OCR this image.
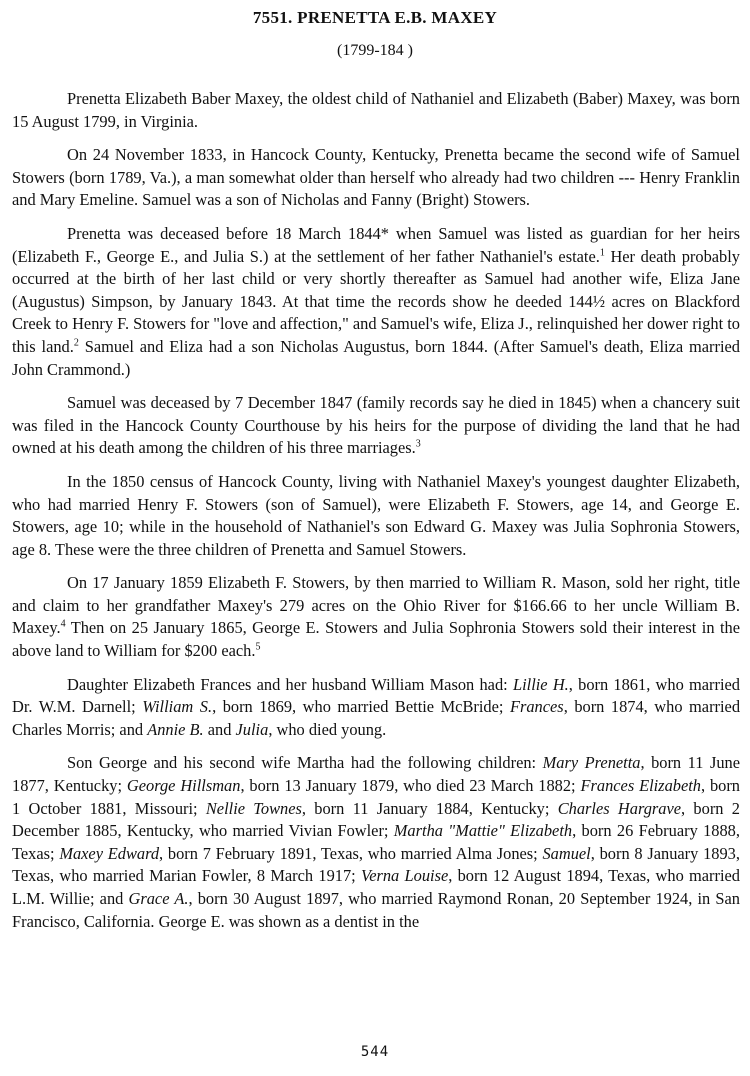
7551. PRENETTA E.B. MAXEY
(1799-184 )

Prenetta Elizabeth Baber Maxey, the oldest child of Nathaniel and Elizabeth (Baber) Maxey, was born 15 August 1799, in Virginia.

On 24 November 1833, in Hancock County, Kentucky, Prenetta became the second wife of Samuel Stowers (born 1789, Va.), a man somewhat older than herself who already had two children --- Henry Franklin and Mary Emeline. Samuel was a son of Nicholas and Fanny (Bright) Stowers.

Prenetta was deceased before 18 March 1844* when Samuel was listed as guardian for her heirs (Elizabeth F., George E., and Julia S.) at the settlement of her father Nathaniel's estate.$^1$ Her death probably occurred at the birth of her last child or very shortly thereafter as Samuel had another wife, Eliza Jane (Augustus) Simpson, by January 1843. At that time the records show he deeded 144½ acres on Blackford Creek to Henry F. Stowers for "love and affection," and Samuel's wife, Eliza J., relinquished her dower right to this land.$^2$ Samuel and Eliza had a son Nicholas Augustus, born 1844. (After Samuel's death, Eliza married John Crammond.)

Samuel was deceased by 7 December 1847 (family records say he died in 1845) when a chancery suit was filed in the Hancock County Courthouse by his heirs for the purpose of dividing the land that he had owned at his death among the children of his three marriages.$^3$

In the 1850 census of Hancock County, living with Nathaniel Maxey's youngest daughter Elizabeth, who had married Henry F. Stowers (son of Samuel), were Elizabeth F. Stowers, age 14, and George E. Stowers, age 10; while in the household of Nathaniel's son Edward G. Maxey was Julia Sophronia Stowers, age 8. These were the three children of Prenetta and Samuel Stowers.

On 17 January 1859 Elizabeth F. Stowers, by then married to William R. Mason, sold her right, title and claim to her grandfather Maxey's 279 acres on the Ohio River for $166.66 to her uncle William B. Maxey.$^4$ Then on 25 January 1865, George E. Stowers and Julia Sophronia Stowers sold their interest in the above land to William for $200 each.$^5$

Daughter Elizabeth Frances and her husband William Mason had: Lillie H., born 1861, who married Dr. W.M. Darnell; William S., born 1869, who married Bettie McBride; Frances, born 1874, who married Charles Morris; and Annie B. and Julia, who died young.

Son George and his second wife Martha had the following children: Mary Prenetta, born 11 June 1877, Kentucky; George Hillsman, born 13 January 1879, who died 23 March 1882; Frances Elizabeth, born 1 October 1881, Missouri; Nellie Townes, born 11 January 1884, Kentucky; Charles Hargrave, born 2 December 1885, Kentucky, who married Vivian Fowler; Martha "Mattie" Elizabeth, born 26 February 1888, Texas; Maxey Edward, born 7 February 1891, Texas, who married Alma Jones; Samuel, born 8 January 1893, Texas, who married Marian Fowler, 8 March 1917; Verna Louise, born 12 August 1894, Texas, who married L.M. Willie; and Grace A., born 30 August 1897, who married Raymond Ronan, 20 September 1924, in San Francisco, California. George E. was shown as a dentist in the

544
